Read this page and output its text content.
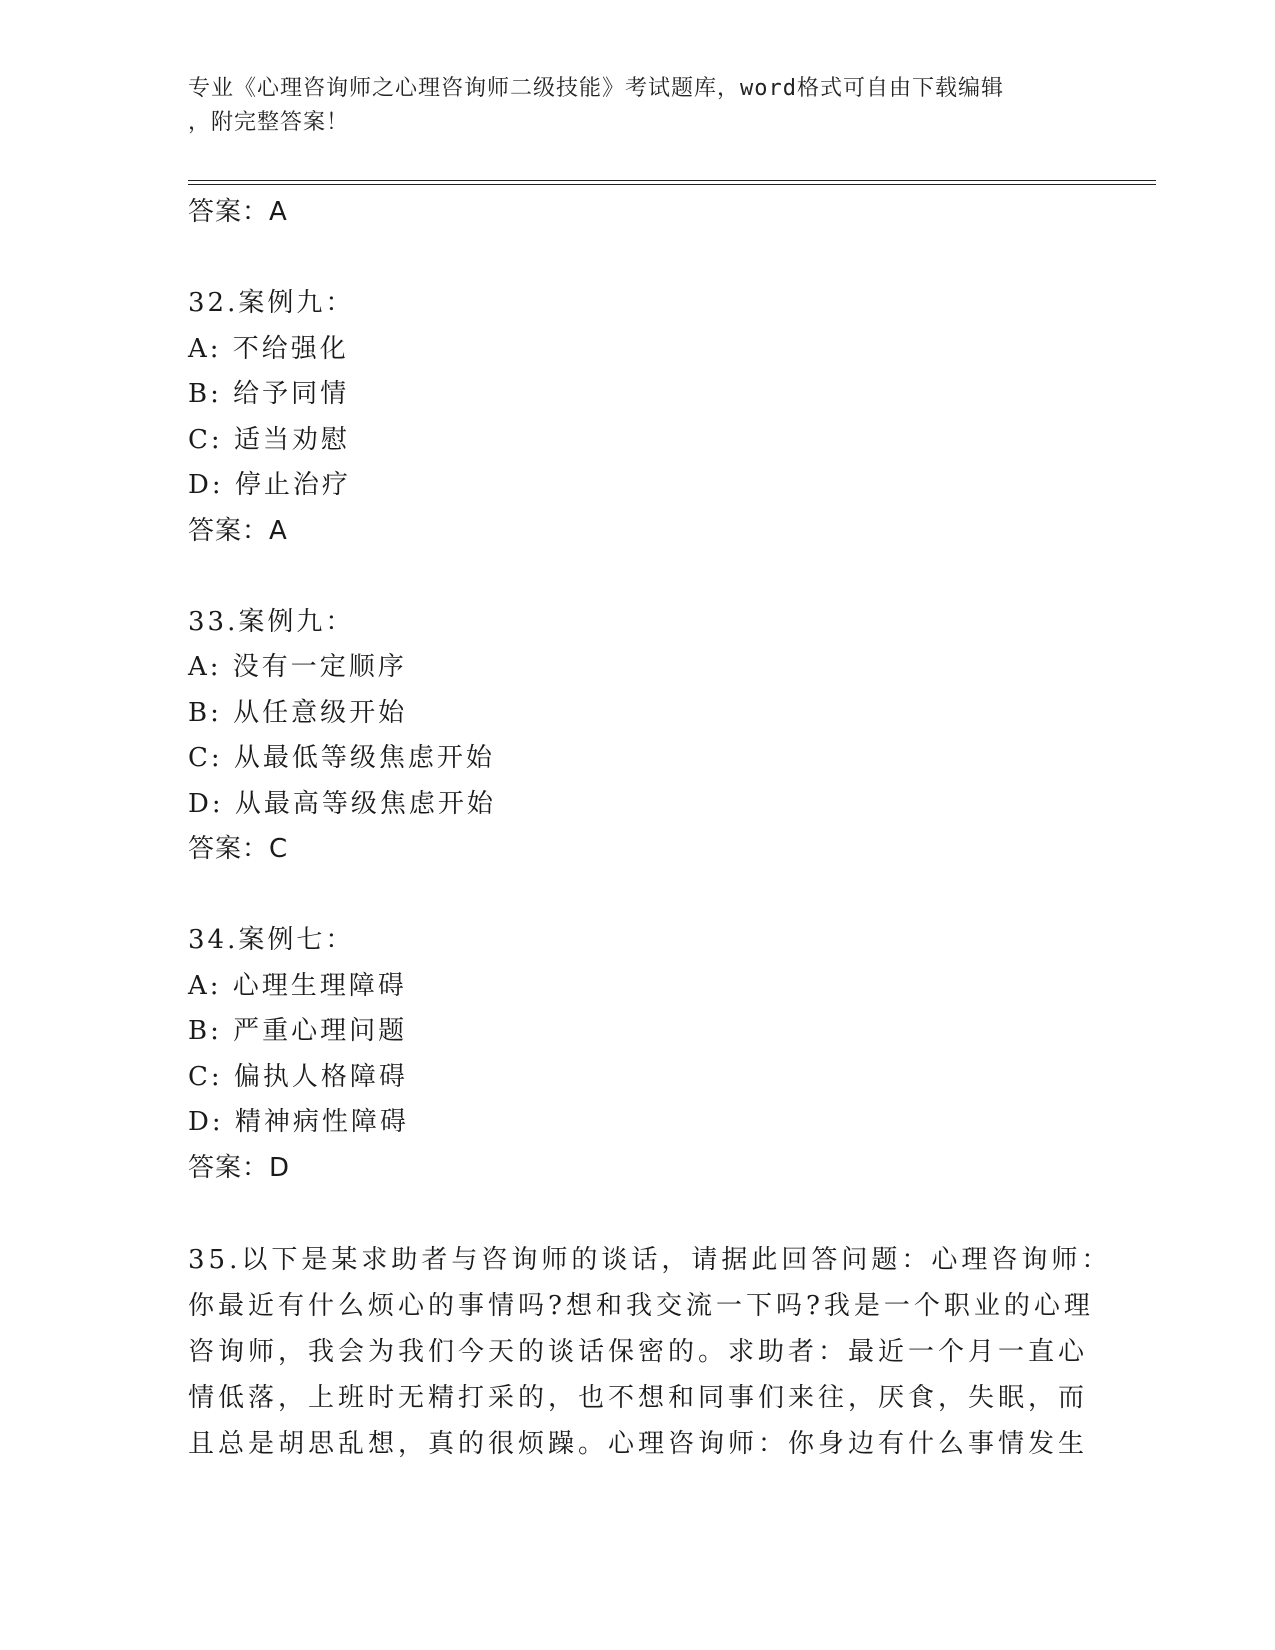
专业《心理咨询师之心理咨询师二级技能》考试题库，word格式可自由下载编辑
，附完整答案！
答案：A
32.案例九：
A: 不给强化
B: 给予同情
C: 适当劝慰
D: 停止治疗
答案：A
33.案例九：
A: 没有一定顺序
B: 从任意级开始
C: 从最低等级焦虑开始
D: 从最高等级焦虑开始
答案：C
34.案例七：
A: 心理生理障碍
B: 严重心理问题
C: 偏执人格障碍
D: 精神病性障碍
答案：D
35.以下是某求助者与咨询师的谈话，请据此回答问题：心理咨询师：
你最近有什么烦心的事情吗?想和我交流一下吗?我是一个职业的心理
咨询师，我会为我们今天的谈话保密的。求助者：最近一个月一直心
情低落，上班时无精打采的，也不想和同事们来往，厌食，失眠，而
且总是胡思乱想，真的很烦躁。心理咨询师：你身边有什么事情发生
